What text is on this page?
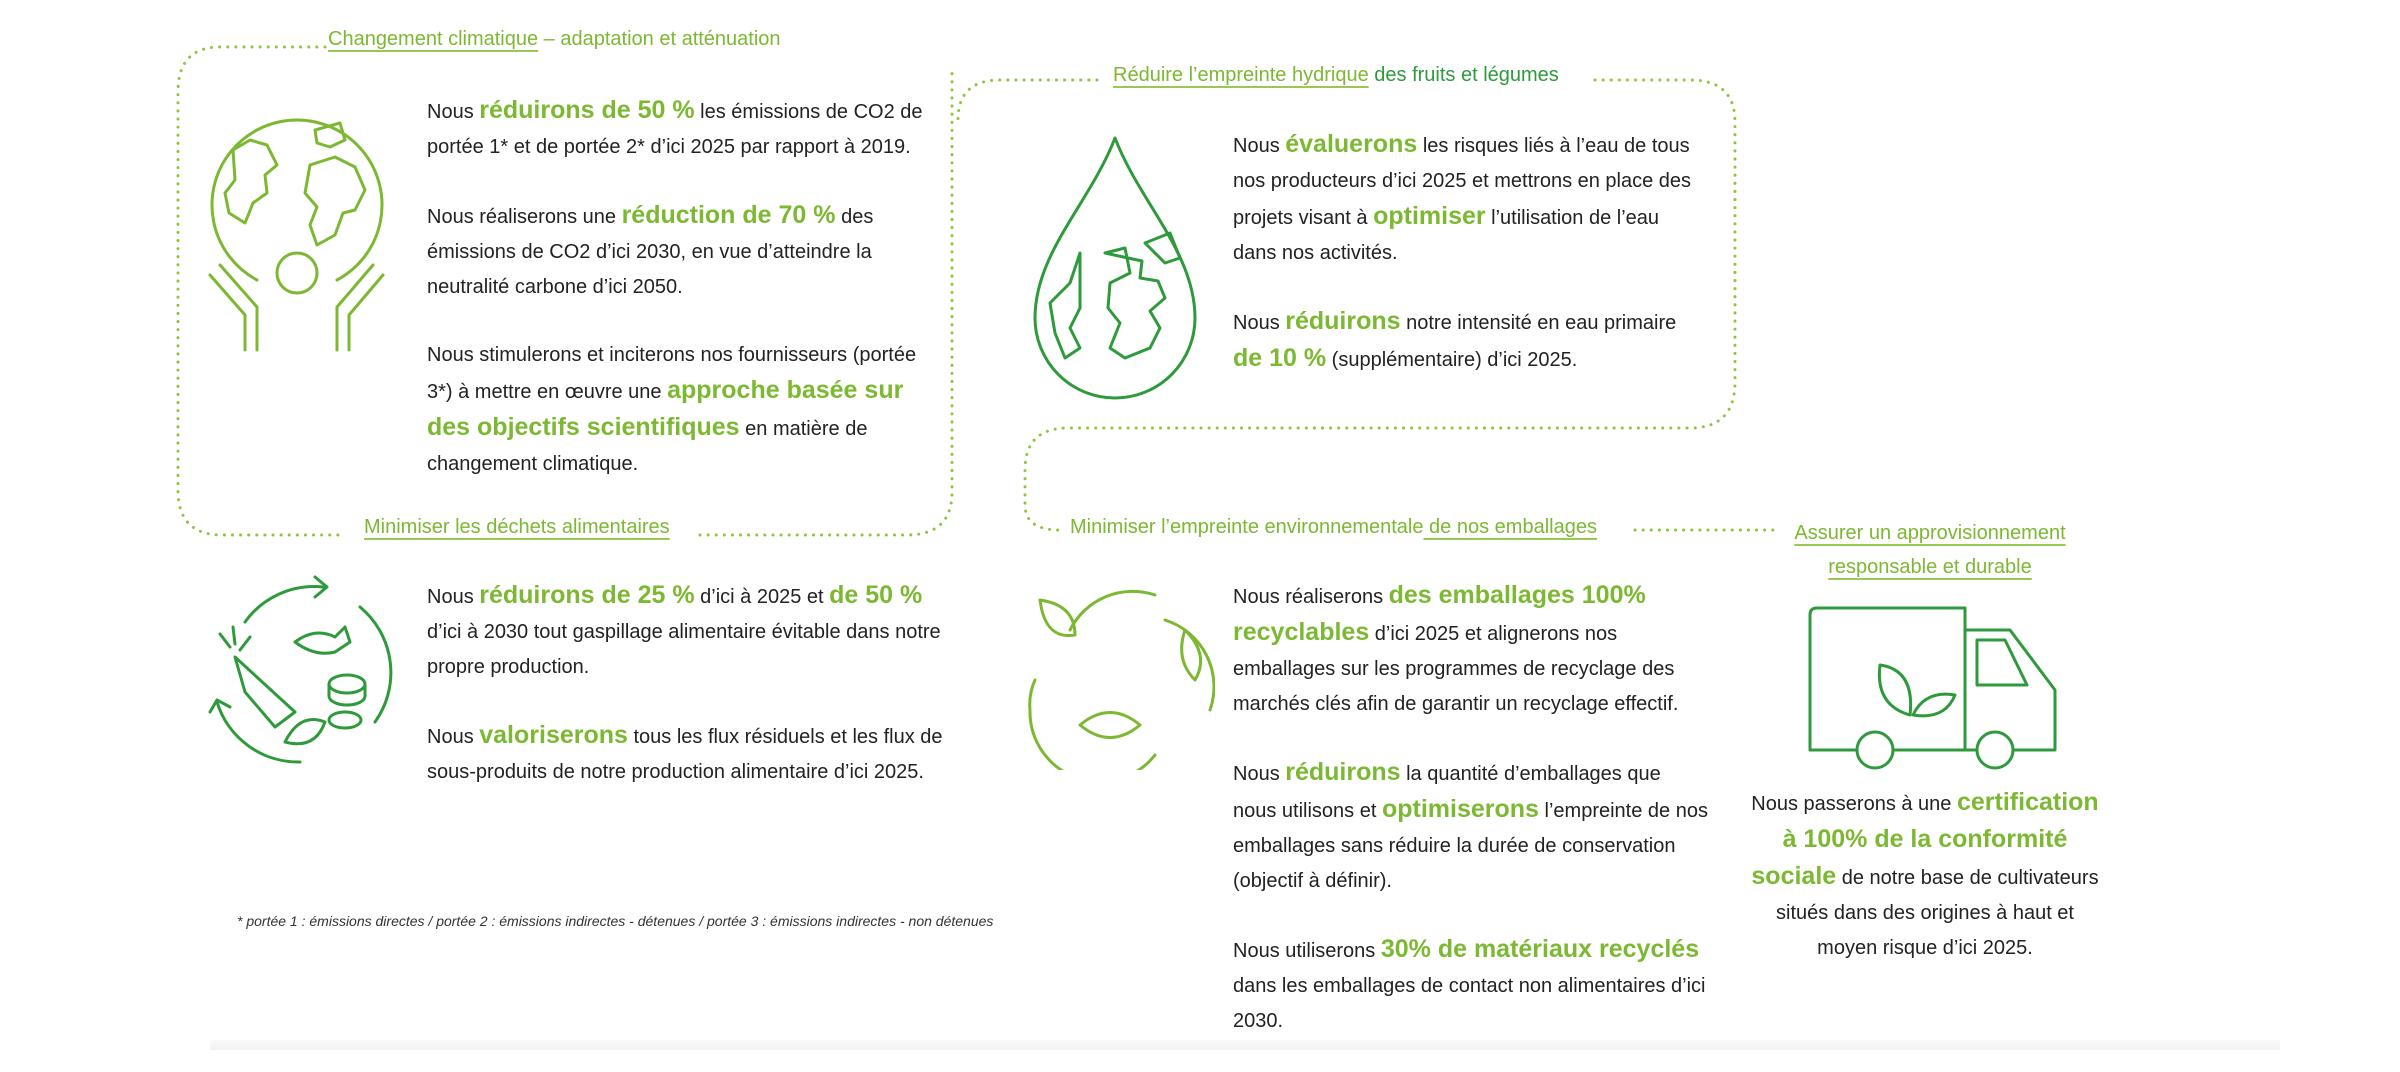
Changement climatique – adaptation et atténuation
Réduire l’empreinte hydrique des fruits et légumes
Minimiser les déchets alimentaires	Minimiser l’empreinte environnementale de nos emballages	Assurer un approvisionnement
responsable et durable

Nous réduirons de 50 % les émissions de CO2 de portée 1* et de portée 2* d’ici 2025 par rapport à 2019.

Nous réaliserons une réduction de 70 % des émissions de CO2 d’ici 2030, en vue d’atteindre la neutralité carbone d’ici 2050.

Nous stimulerons et inciterons nos fournisseurs (portée 3*) à mettre en œuvre une approche basée sur des objectifs scientifiques en matière de changement climatique.

Nous évaluerons les risques liés à l’eau de tous nos producteurs d’ici 2025 et mettrons en place des projets visant à optimiser l’utilisation de l’eau dans nos activités.

Nous réduirons notre intensité en eau primaire de 10 % (supplémentaire) d’ici 2025.

Nous réduirons de 25 % d’ici à 2025 et de 50 % d’ici à 2030 tout gaspillage alimentaire évitable dans notre propre production.

Nous valoriserons tous les flux résiduels et les flux de sous-produits de notre production alimentaire d’ici 2025.

Nous réaliserons des emballages 100% recyclables d’ici 2025 et alignerons nos emballages sur les programmes de recyclage des marchés clés afin de garantir un recyclage effectif.

Nous réduirons la quantité d’emballages que nous utilisons et optimiserons l’empreinte de nos emballages sans réduire la durée de conservation (objectif à définir).

Nous utiliserons 30% de matériaux recyclés dans les emballages de contact non alimentaires d’ici 2030.

Nous passerons à une certification à 100% de la conformité sociale de notre base de cultivateurs situés dans des origines à haut et moyen risque d’ici 2025.

* portée 1 : émissions directes / portée 2 : émissions indirectes - détenues / portée 3 : émissions indirectes - non détenues
